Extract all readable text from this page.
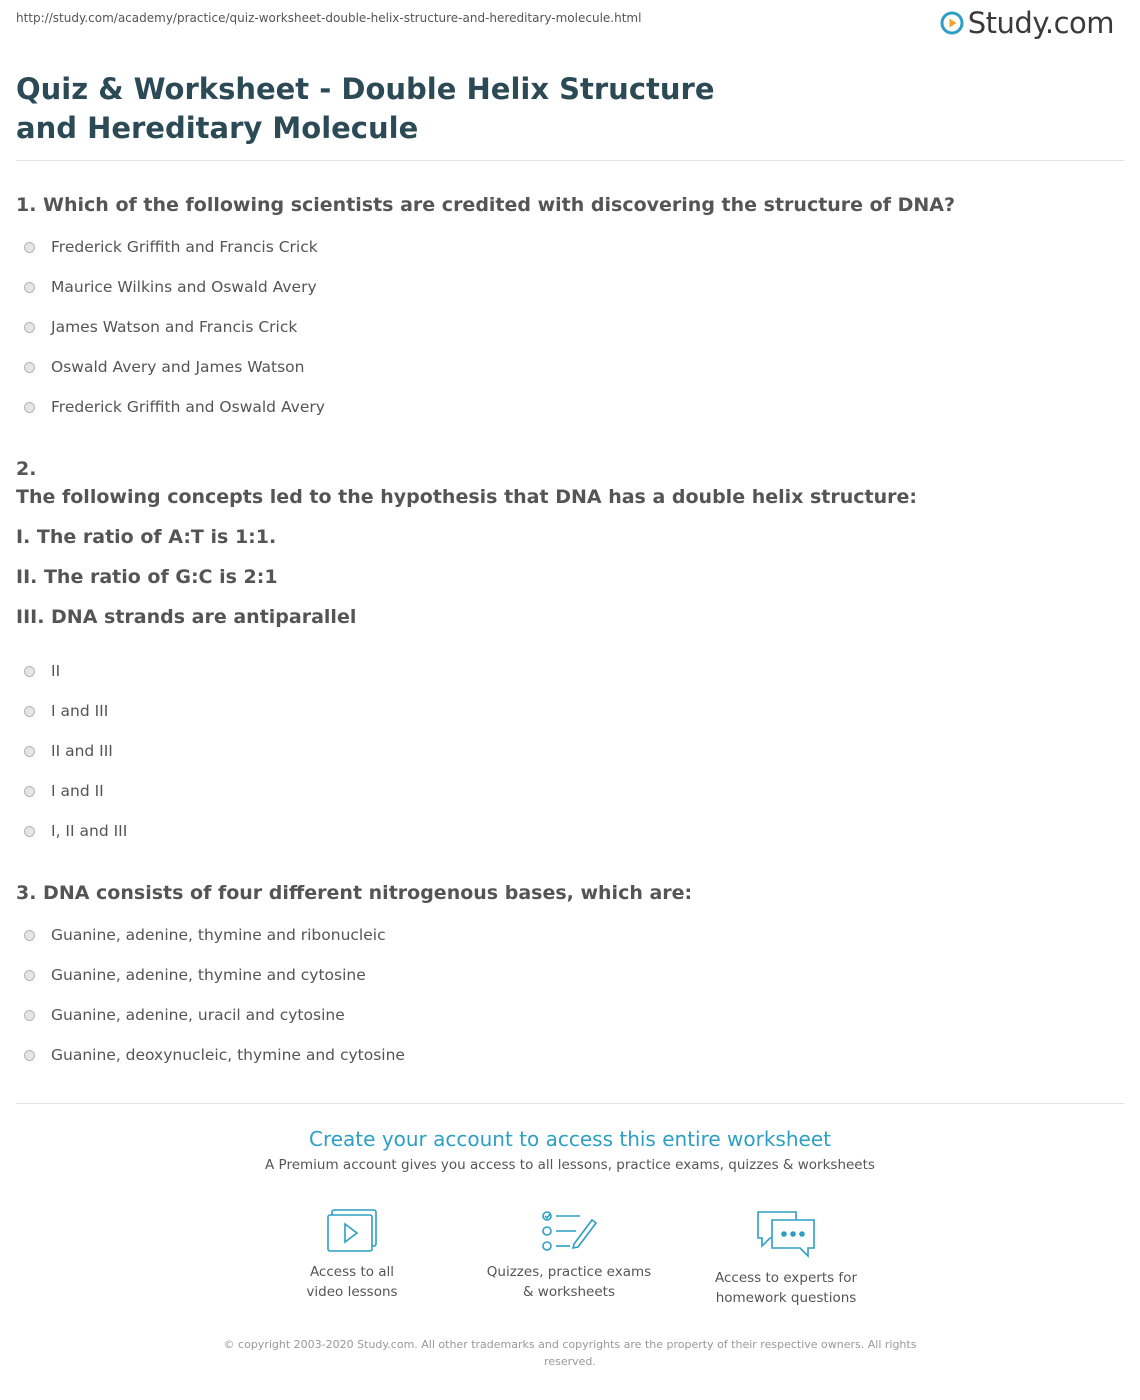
http://study.com/academy/practice/quiz-worksheet-double-helix-structure-and-hereditary-molecule.html	Study.com
Quiz & Worksheet - Double Helix Structure and Hereditary Molecule

1. Which of the following scientists are credited with discovering the structure of DNA?

Frederick Griffith and Francis Crick
Maurice Wilkins and Oswald Avery
James Watson and Francis Crick
Oswald Avery and James Watson
Frederick Griffith and Oswald Avery

2.

The following concepts led to the hypothesis that DNA has a double helix structure:

I. The ratio of A:T is 1:1.

II. The ratio of G:C is 2:1

III. DNA strands are antiparallel

II
I and III
II and III
I and II
I, II and III

3. DNA consists of four different nitrogenous bases, which are:

Guanine, adenine, thymine and ribonucleic
Guanine, adenine, thymine and cytosine
Guanine, adenine, uracil and cytosine
Guanine, deoxynucleic, thymine and cytosine
Create your account to access this entire worksheet
A Premium account gives you access to all lessons, practice exams, quizzes & worksheets

Access to all
video lessons

Quizzes, practice exams
& worksheets

Access to experts for
homework questions

© copyright 2003-2020 Study.com. All other trademarks and copyrights are the property of their respective owners. All rights reserved.
